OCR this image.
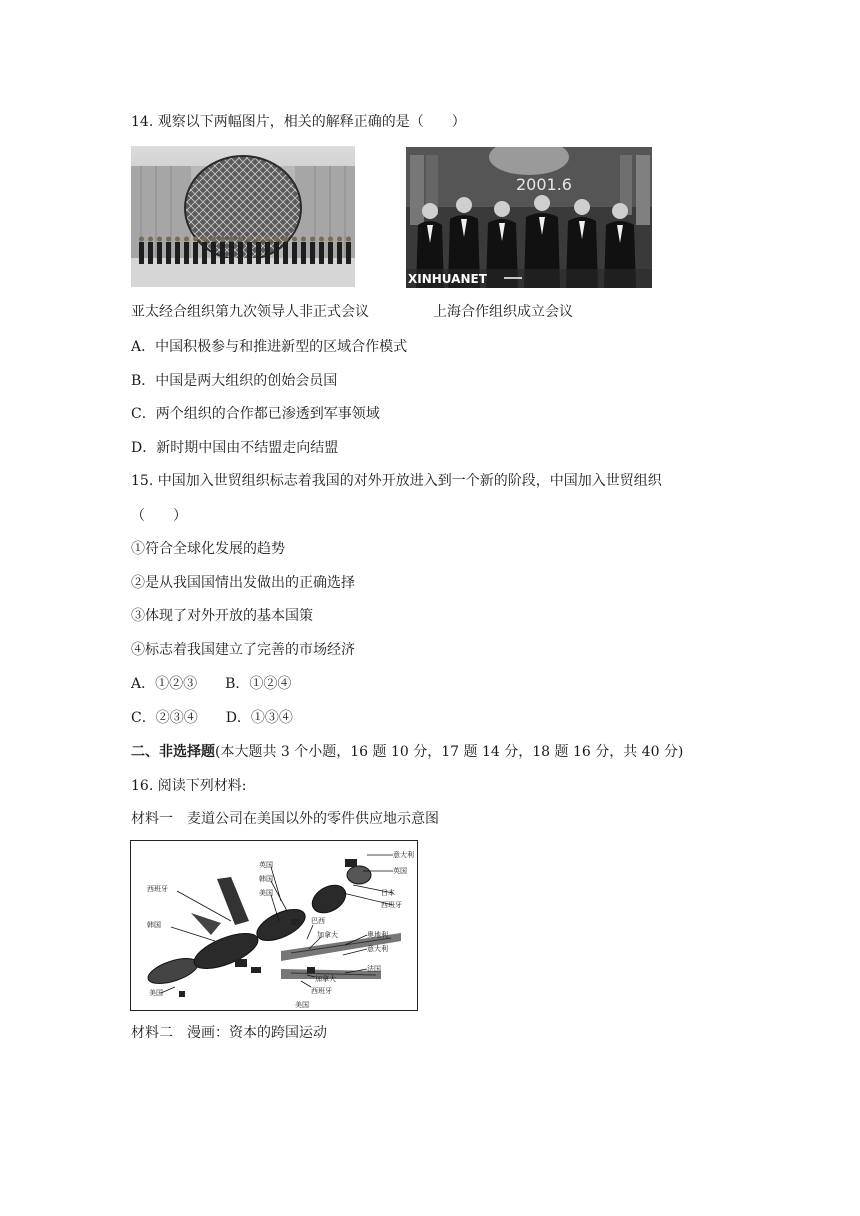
14. 观察以下两幅图片，相关的解释正确的是（　　）
2001.6
XINHUANET
亚太经合组织第九次领导人非正式会议	上海合作组织成立会议
A．中国积极参与和推进新型的区域合作模式
B．中国是两大组织的创始会员国
C．两个组织的合作都已渗透到军事领域
D．新时期中国由不结盟走向结盟
15. 中国加入世贸组织标志着我国的对外开放进入到一个新的阶段，中国加入世贸组织
（　　）
①符合全球化发展的趋势
②是从我国国情出发做出的正确选择
③体现了对外开放的基本国策
④标志着我国建立了完善的市场经济
A．①②③　　B．①②④
C．②③④　　D．①③④
二、非选择题(本大题共 3 个小题，16 题 10 分，17 题 14 分，18 题 16 分，共 40 分)
16. 阅读下列材料:
材料一　麦道公司在美国以外的零件供应地示意图
意大利
英国
日本
西班牙
英国
韩国
美国
西班牙
韩国	巴西
加拿大	奥地利
意大利
加拿大
西班牙
法国
美国
美国
材料二　漫画：资本的跨国运动
